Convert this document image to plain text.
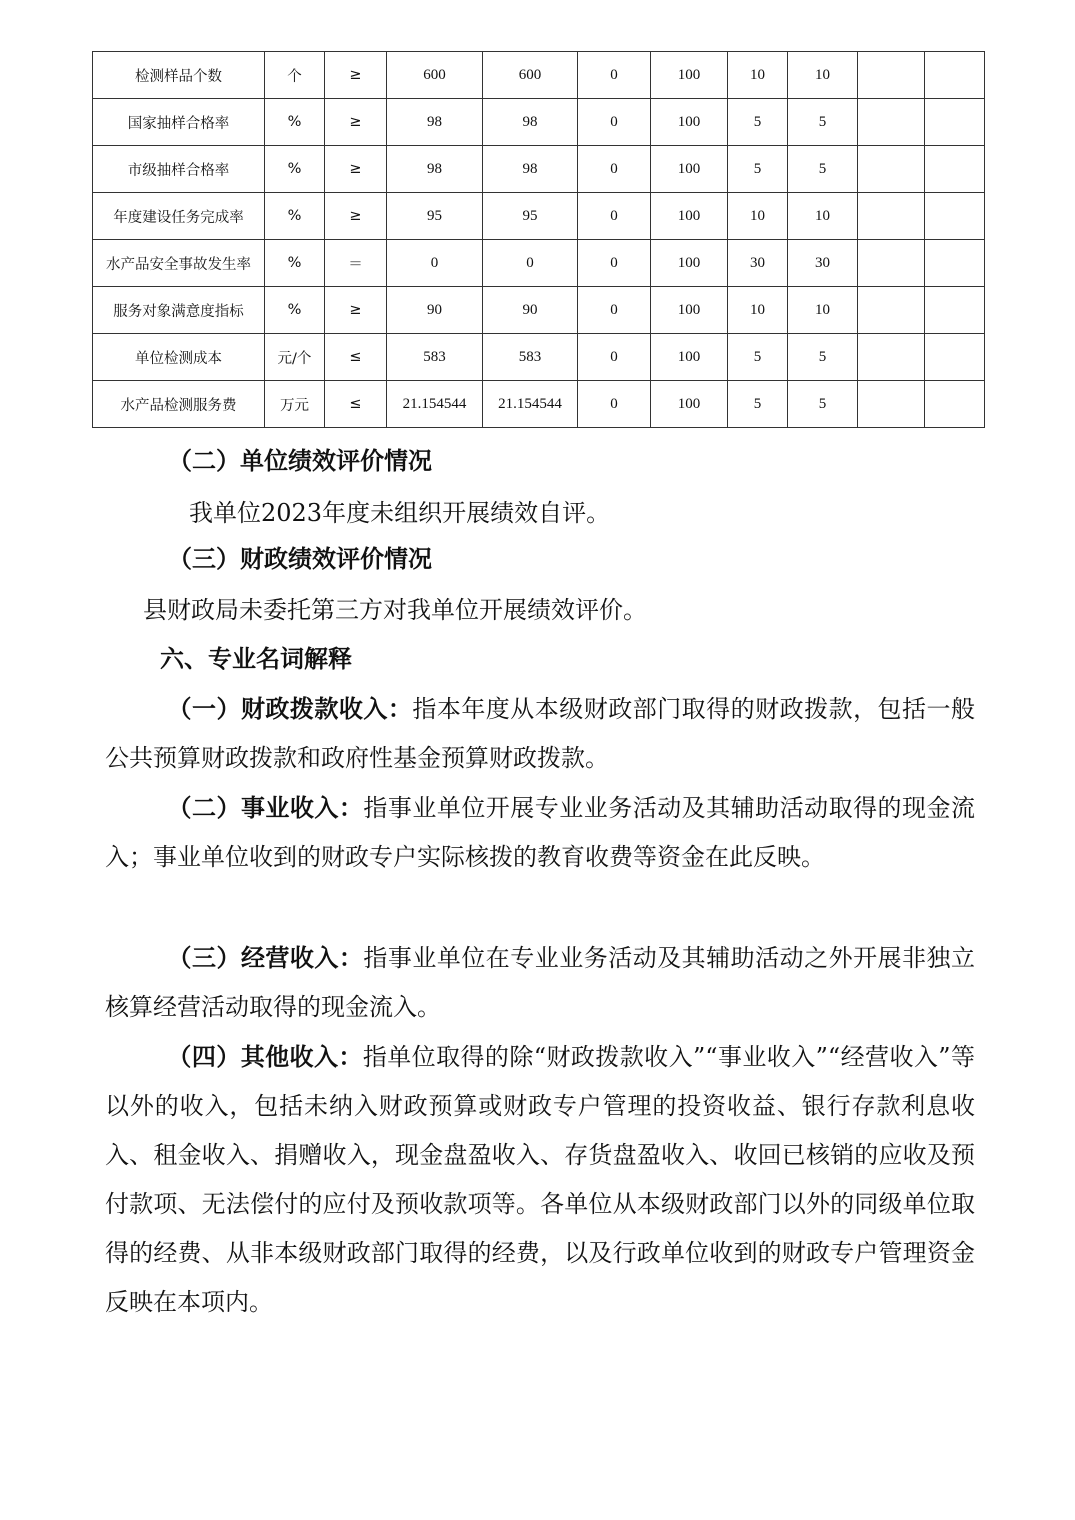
检测样品个数	个	≥	600	600	0	100	10	10		
国家抽样合格率	%	≥	98	98	0	100	5	5		
市级抽样合格率	%	≥	98	98	0	100	5	5		
年度建设任务完成率	%	≥	95	95	0	100	10	10		
水产品安全事故发生率	%	＝	0	0	0	100	30	30		
服务对象满意度指标	%	≥	90	90	0	100	10	10		
单位检测成本	元/个	≤	583	583	0	100	5	5		
水产品检测服务费	万元	≤	21.154544	21.154544	0	100	5	5		
（二）单位绩效评价情况
我单位2023年度未组织开展绩效自评。
（三）财政绩效评价情况
县财政局未委托第三方对我单位开展绩效评价。
六、专业名词解释
（一）财政拨款收入：指本年度从本级财政部门取得的财政拨款，包括一般公共预算财政拨款和政府性基金预算财政拨款。
（二）事业收入：指事业单位开展专业业务活动及其辅助活动取得的现金流入；事业单位收到的财政专户实际核拨的教育收费等资金在此反映。
（三）经营收入：指事业单位在专业业务活动及其辅助活动之外开展非独立核算经营活动取得的现金流入。
（四）其他收入：指单位取得的除“财政拨款收入”“事业收入”“经营收入”等以外的收入，包括未纳入财政预算或财政专户管理的投资收益、银行存款利息收入、租金收入、捐赠收入，现金盘盈收入、存货盘盈收入、收回已核销的应收及预付款项、无法偿付的应付及预收款项等。各单位从本级财政部门以外的同级单位取得的经费、从非本级财政部门取得的经费，以及行政单位收到的财政专户管理资金反映在本项内。
